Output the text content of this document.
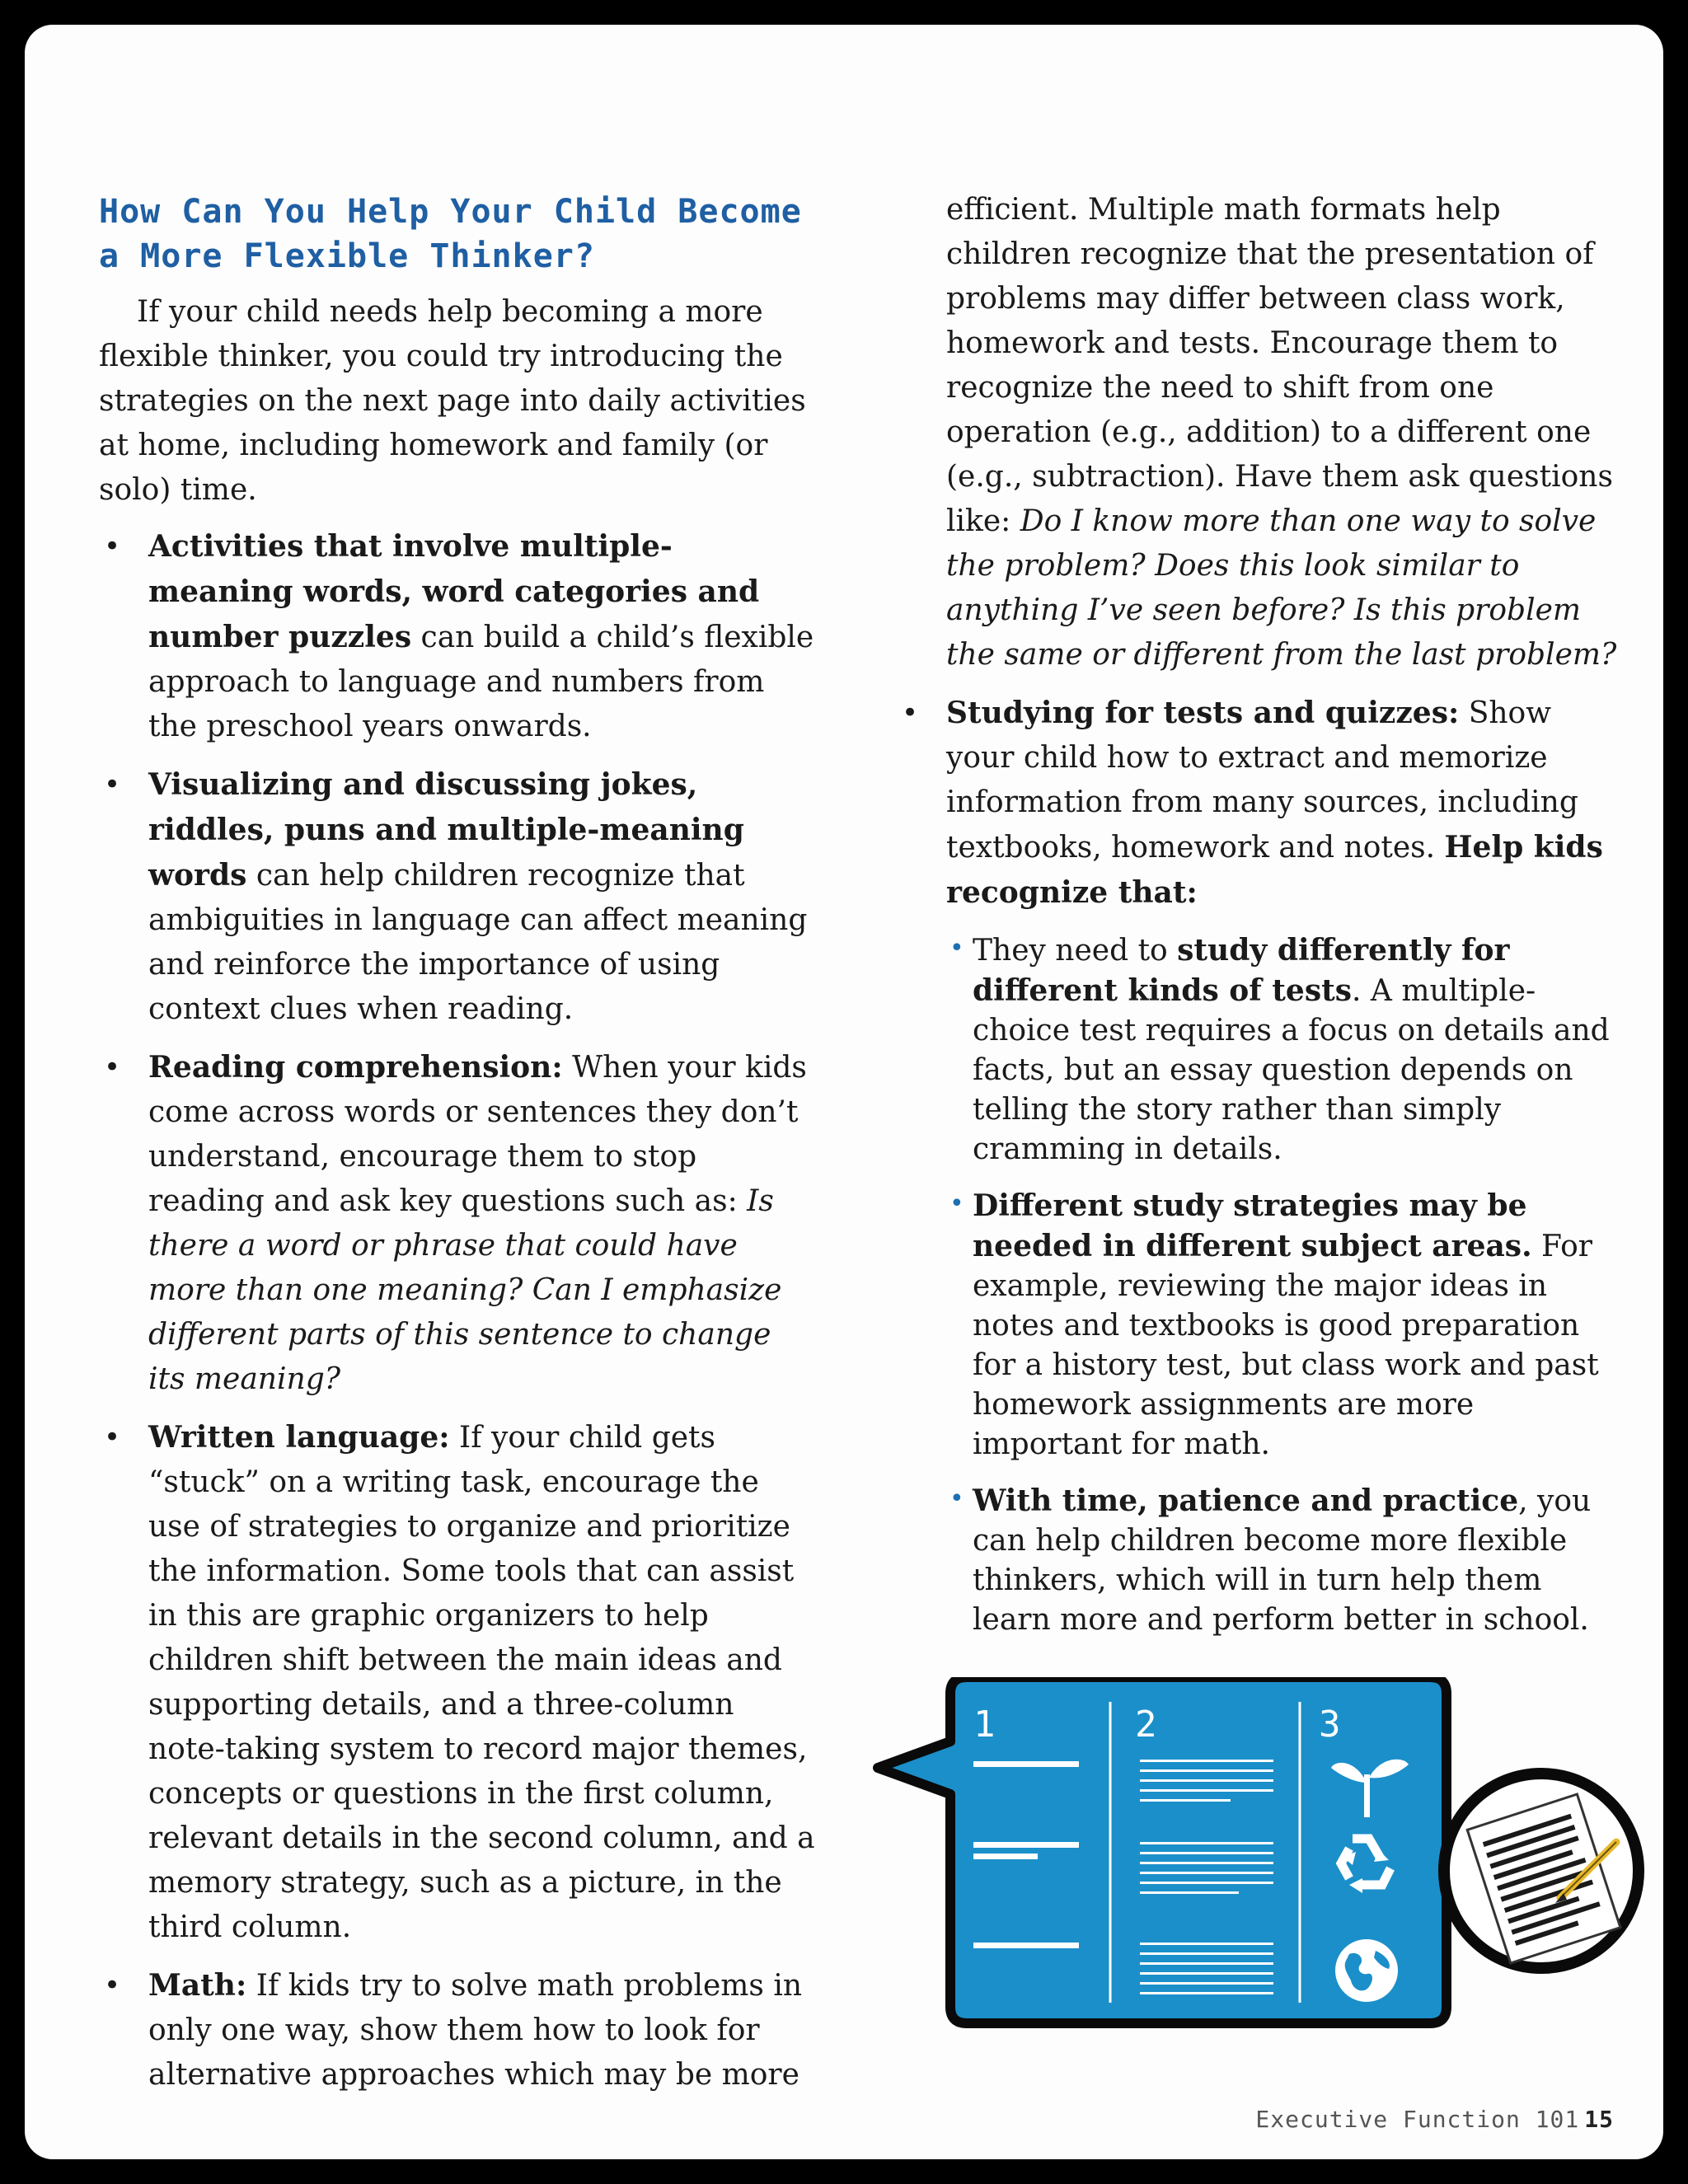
How Can You Help Your Child Become
a More Flexible Thinker?

If your child needs help becoming a more flexible thinker, you could try introducing the strategies on the next page into daily activities at home, including homework and family (or solo) time.

• Activities that involve multiple-meaning words, word categories and number puzzles can build a child’s flexible approach to language and numbers from the preschool years onwards.
• Visualizing and discussing jokes, riddles, puns and multiple-meaning words can help children recognize that ambiguities in language can affect meaning and reinforce the importance of using context clues when reading.
• Reading comprehension: When your kids come across words or sentences they don’t understand, encourage them to stop reading and ask key questions such as: Is there a word or phrase that could have more than one meaning? Can I emphasize different parts of this sentence to change its meaning?
• Written language: If your child gets “stuck” on a writing task, encourage the use of strategies to organize and prioritize the information. Some tools that can assist in this are graphic organizers to help children shift between the main ideas and supporting details, and a three-column note-taking system to record major themes, concepts or questions in the first column, relevant details in the second column, and a memory strategy, such as a picture, in the third column.
• Math: If kids try to solve math problems in only one way, show them how to look for alternative approaches which may be more
efficient. Multiple math formats help children recognize that the presentation of problems may differ between class work, homework and tests. Encourage them to recognize the need to shift from one operation (e.g., addition) to a different one (e.g., subtraction). Have them ask questions like: Do I know more than one way to solve the problem? Does this look similar to anything I’ve seen before? Is this problem the same or different from the last problem?
• Studying for tests and quizzes: Show your child how to extract and memorize information from many sources, including textbooks, homework and notes. Help kids recognize that:
• They need to study differently for different kinds of tests. A multiple-choice test requires a focus on details and facts, but an essay question depends on telling the story rather than simply cramming in details.
• Different study strategies may be needed in different subject areas. For example, reviewing the major ideas in notes and textbooks is good preparation for a history test, but class work and past homework assignments are more important for math.
• With time, patience and practice, you can help children become more flexible thinkers, which will in turn help them learn more and perform better in school.
1	2	3
Executive Function 101 15
